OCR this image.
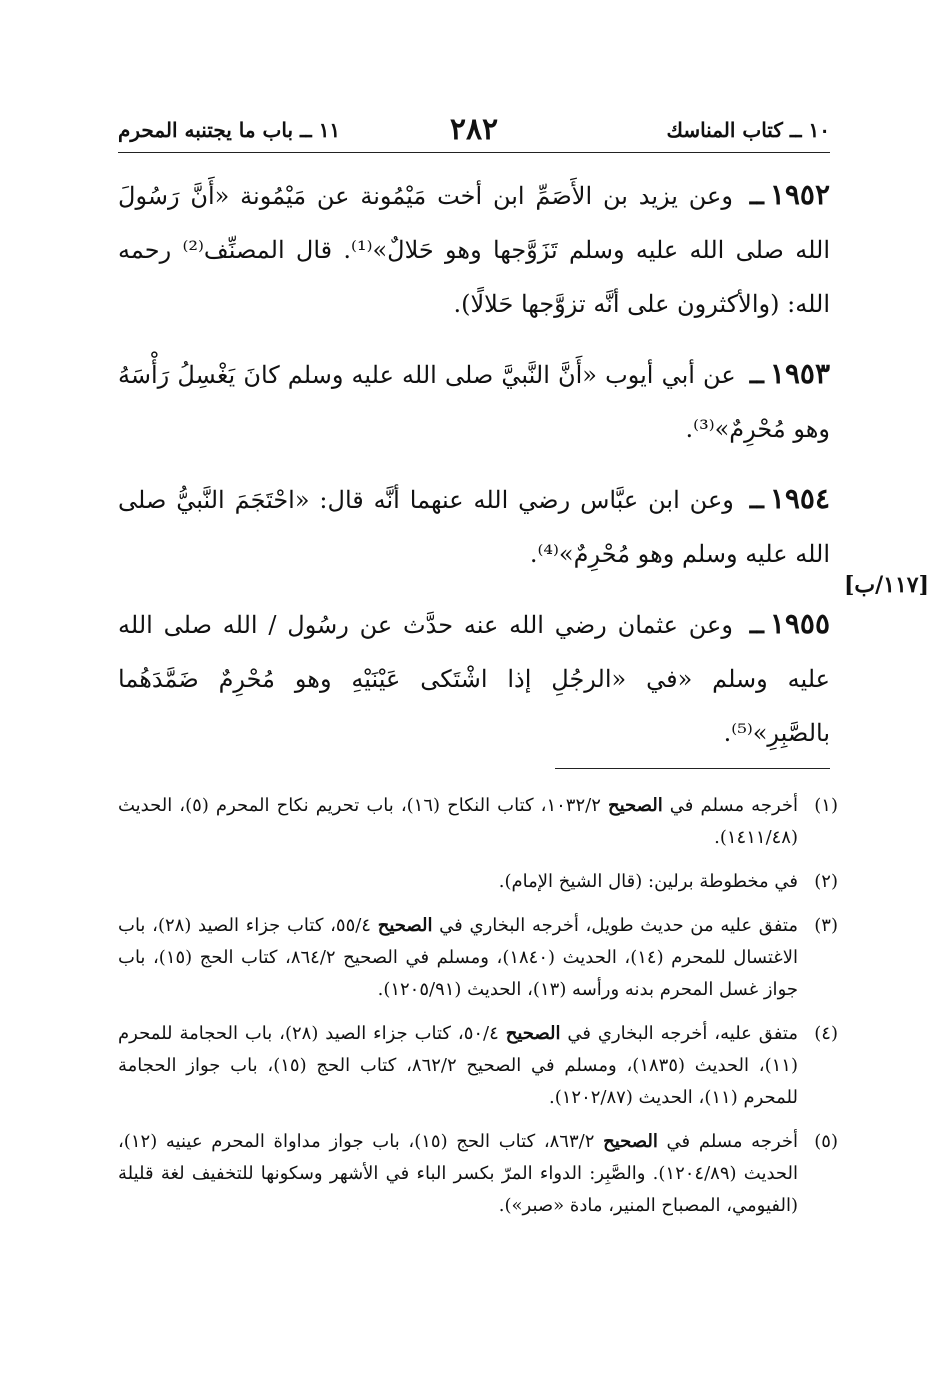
١٠ ــ كتاب المناسك
٢٨٢
١١ ــ باب ما يجتنبه المحرم
[١١٧/ب]

١٩٥٢ــ وعن يزيد بن الأَصَمِّ ابن أخت مَيْمُونة عن مَيْمُونة «أَنَّ رَسُولَ الله صلى الله عليه وسلم تَزَوَّجها وهو حَلالٌ»⁽¹⁾. قال المصنِّف⁽²⁾ رحمه الله: (والأكثرون على أنَّه تزوَّجها حَلالًا).

١٩٥٣ــ عن أبي أيوب «أَنَّ النَّبيَّ صلى الله عليه وسلم كانَ يَغْسِلُ رَأْسَهُ وهو مُحْرِمٌ»⁽³⁾.

١٩٥٤ــ وعن ابن عبَّاس رضي الله عنهما أنَّه قال: «احْتَجَمَ النَّبيُّ صلى الله عليه وسلم وهو مُحْرِمٌ»⁽⁴⁾.

١٩٥٥ــ وعن عثمان رضي الله عنه حدَّث عن رسُول / الله صلى الله عليه وسلم «في «الرجُلِ إذا اشْتَكى عَيْنَيْهِ وهو مُحْرِمٌ ضَمَّدَهُما بالصَّبِرِ»⁽⁵⁾.

(١)
أخرجه مسلم في الصحيح ١٠٣٢/٢، كتاب النكاح (١٦)، باب تحريم نكاح المحرم (٥)، الحديث (١٤١١/٤٨).
(٢)
في مخطوطة برلين: (قال الشيخ الإمام).
(٣)
متفق عليه من حديث طويل، أخرجه البخاري في الصحيح ٥٥/٤، كتاب جزاء الصيد (٢٨)، باب الاغتسال للمحرم (١٤)، الحديث (١٨٤٠)، ومسلم في الصحيح ٨٦٤/٢، كتاب الحج (١٥)، باب جواز غسل المحرم بدنه ورأسه (١٣)، الحديث (١٢٠٥/٩١).
(٤)
متفق عليه، أخرجه البخاري في الصحيح ٥٠/٤، كتاب جزاء الصيد (٢٨)، باب الحجامة للمحرم (١١)، الحديث (١٨٣٥)، ومسلم في الصحيح ٨٦٢/٢، كتاب الحج (١٥)، باب جواز الحجامة للمحرم (١١)، الحديث (١٢٠٢/٨٧).
(٥)
أخرجه مسلم في الصحيح ٨٦٣/٢، كتاب الحج (١٥)، باب جواز مداواة المحرم عينيه (١٢)، الحديث (١٢٠٤/٨٩). والصَّبِر: الدواء المرّ بكسر الباء في الأشهر وسكونها للتخفيف لغة قليلة (الفيومي، المصباح المنير، مادة «صبر»).
